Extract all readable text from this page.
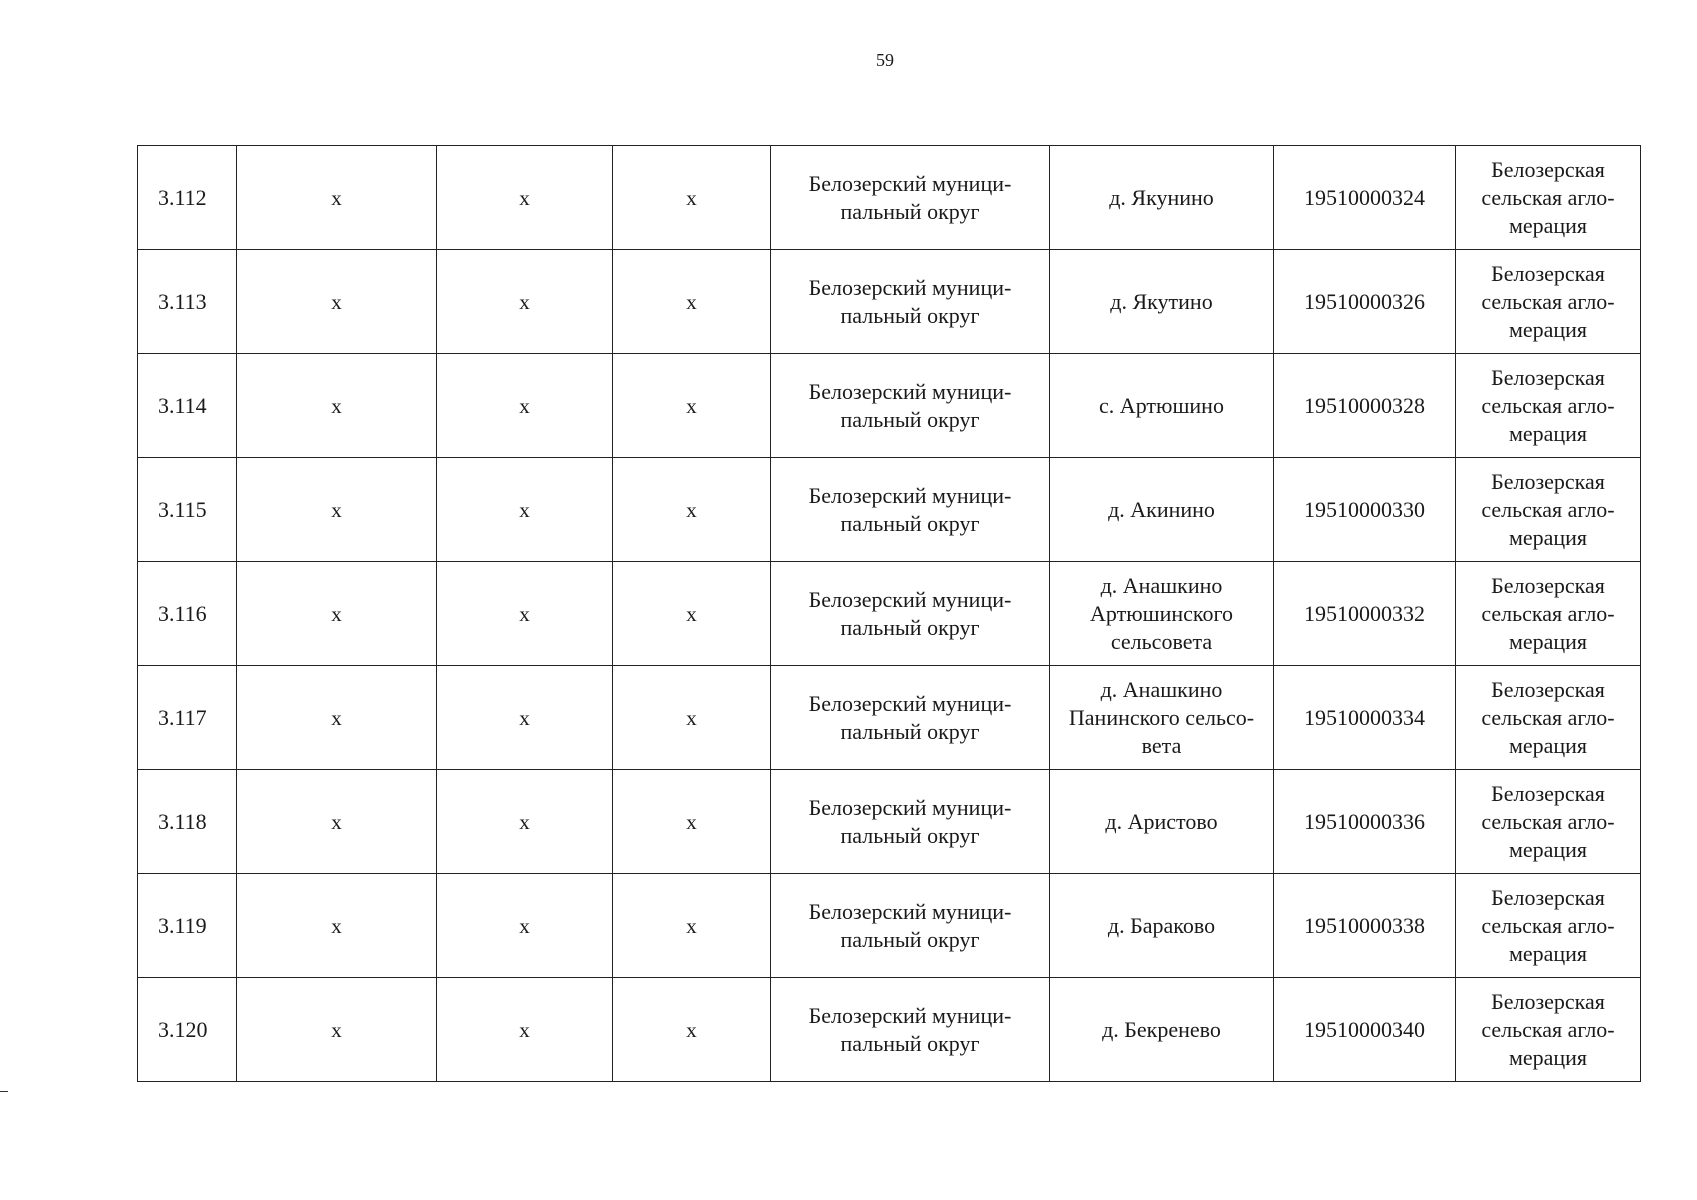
59
3.112	x	x	x	Белозерский муници-пальный округ	д. Якунино	19510000324	Белозерская сельская агло-мерация
3.113	x	x	x	Белозерский муници-пальный округ	д. Якутино	19510000326	Белозерская сельская агло-мерация
3.114	x	x	x	Белозерский муници-пальный округ	с. Артюшино	19510000328	Белозерская сельская агло-мерация
3.115	x	x	x	Белозерский муници-пальный округ	д. Акинино	19510000330	Белозерская сельская агло-мерация
3.116	x	x	x	Белозерский муници-пальный округ	д. Анашкино Артюшинского сельсовета	19510000332	Белозерская сельская агло-мерация
3.117	x	x	x	Белозерский муници-пальный округ	д. Анашкино Панинского сельсо-вета	19510000334	Белозерская сельская агло-мерация
3.118	x	x	x	Белозерский муници-пальный округ	д. Аристово	19510000336	Белозерская сельская агло-мерация
3.119	x	x	x	Белозерский муници-пальный округ	д. Бараково	19510000338	Белозерская сельская агло-мерация
3.120	x	x	x	Белозерский муници-пальный округ	д. Бекренево	19510000340	Белозерская сельская агло-мерация
